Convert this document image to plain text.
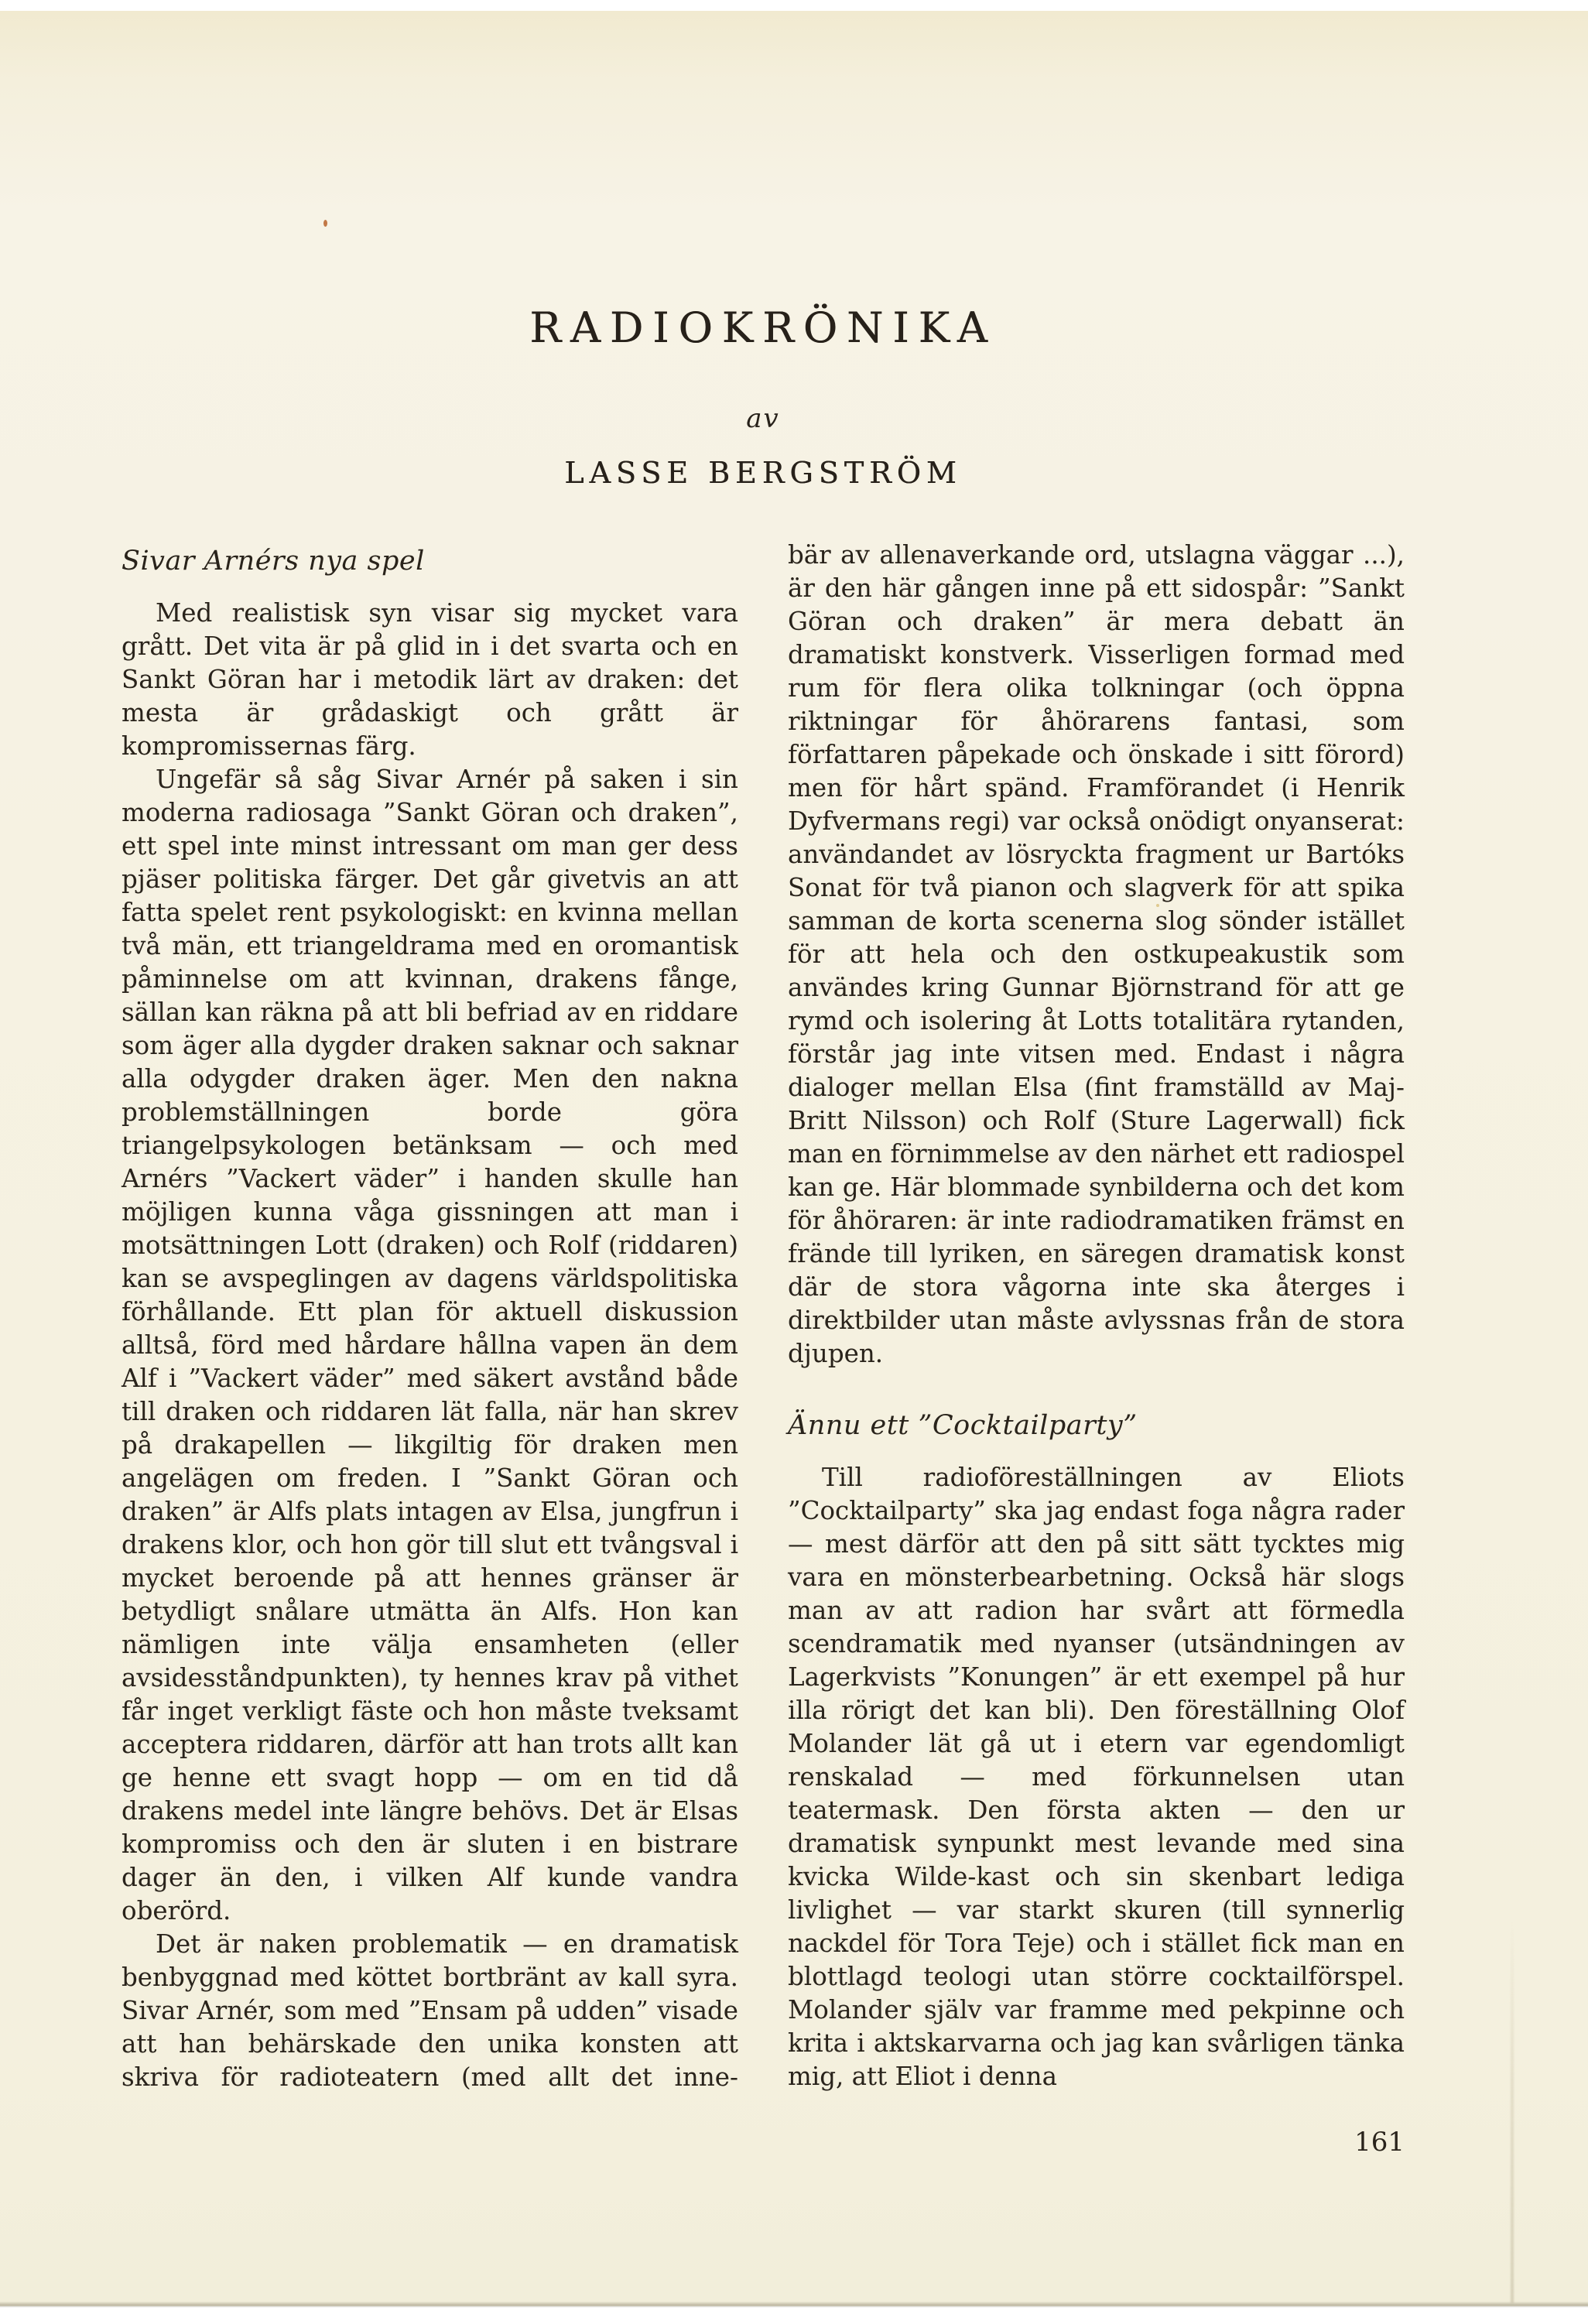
RADIOKRÖNIKA
av
LASSE BERGSTRÖM
Sivar Arnérs nya spel

Med realistisk syn visar sig mycket vara grått. Det vita är på glid in i det svarta och en Sankt Göran har i metodik lärt av draken: det mesta är grådaskigt och grått är kompromissernas färg.

Ungefär så såg Sivar Arnér på saken i sin moderna radiosaga ”Sankt Göran och draken”, ett spel inte minst intressant om man ger dess pjäser politiska färger. Det går givetvis an att fatta spelet rent psykologiskt: en kvinna mellan två män, ett triangeldrama med en oromantisk påminnelse om att kvinnan, drakens fånge, sällan kan räkna på att bli befriad av en riddare som äger alla dygder draken saknar och saknar alla odygder draken äger. Men den nakna problemställningen borde göra triangelpsykologen betänksam — och med Arnérs ”Vackert väder” i handen skulle han möjligen kunna våga gissningen att man i motsättningen Lott (draken) och Rolf (riddaren) kan se avspeglingen av dagens världspolitiska förhållande. Ett plan för aktuell diskussion alltså, förd med hårdare hållna vapen än dem Alf i ”Vackert väder” med säkert avstånd både till draken och riddaren lät falla, när han skrev på drakapellen — likgiltig för draken men angelägen om freden. I ”Sankt Göran och draken” är Alfs plats intagen av Elsa, jungfrun i drakens klor, och hon gör till slut ett tvångsval i mycket beroende på att hennes gränser är betydligt snålare utmätta än Alfs. Hon kan nämligen inte välja ensamheten (eller avsidesståndpunkten), ty hennes krav på vithet får inget verkligt fäste och hon måste tveksamt acceptera riddaren, därför att han trots allt kan ge henne ett svagt hopp — om en tid då drakens medel inte längre behövs. Det är Elsas kompromiss och den är sluten i en bistrare dager än den, i vilken Alf kunde vandra oberörd.

Det är naken problematik — en dramatisk benbyggnad med köttet bortbränt av kall syra. Sivar Arnér, som med ”Ensam på udden” visade att han behärskade den unika konsten att skriva för radioteatern (med allt det inne-

bär av allenaverkande ord, utslagna väggar ...), är den här gången inne på ett sidospår: ”Sankt Göran och draken” är mera debatt än dramatiskt konstverk. Visserligen formad med rum för flera olika tolkningar (och öppna riktningar för åhörarens fantasi, som författaren påpekade och önskade i sitt förord) men för hårt spänd. Framförandet (i Henrik Dyfvermans regi) var också onödigt onyanserat: användandet av lösryckta fragment ur Bartóks Sonat för två pianon och slagverk för att spika samman de korta scenerna slog sönder istället för att hela och den ostkupeakustik som användes kring Gunnar Björnstrand för att ge rymd och isolering åt Lotts totalitära rytanden, förstår jag inte vitsen med. Endast i några dialoger mellan Elsa (fint framställd av Maj-Britt Nilsson) och Rolf (Sture Lagerwall) fick man en förnimmelse av den närhet ett radiospel kan ge. Här blommade synbilderna och det kom för åhöraren: är inte radiodramatiken främst en frände till lyriken, en säregen dramatisk konst där de stora vågorna inte ska återges i direktbilder utan måste avlyssnas från de stora djupen.

Ännu ett ”Cocktailparty”

Till radioföreställningen av Eliots ”Cocktailparty” ska jag endast foga några rader — mest därför att den på sitt sätt tycktes mig vara en mönsterbearbetning. Också här slogs man av att radion har svårt att förmedla scendramatik med nyanser (utsändningen av Lagerkvists ”Konungen” är ett exempel på hur illa rörigt det kan bli). Den föreställning Olof Molander lät gå ut i etern var egendomligt renskalad — med förkunnelsen utan teatermask. Den första akten — den ur dramatisk synpunkt mest levande med sina kvicka Wilde-kast och sin skenbart lediga livlighet — var starkt skuren (till synnerlig nackdel för Tora Teje) och i stället fick man en blottlagd teologi utan större cocktailförspel. Molander själv var framme med pekpinne och krita i aktskarvarna och jag kan svårligen tänka mig, att Eliot i denna

161
